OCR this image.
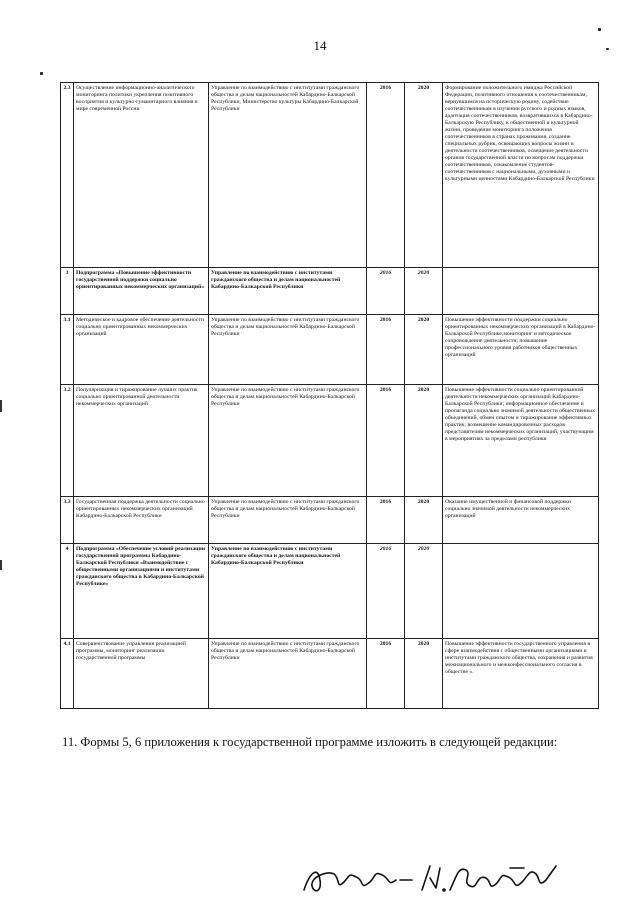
14
2.3	Осуществление информационно-аналитического мониторинга политики укрепления позитивного восприятия и культурно-гуманитарного влияния в мире современной России	Управление по взаимодействию с институтами гражданского общества и делам национальностей Кабардино-Балкарской Республики, Министерство культуры Кабардино-Балкарской Республики	2016	2020	Формирование положительного имиджа Российской Федерации, позитивного отношения к соотечественникам, вернувшимся на историческую родину, содействие соотечественникам в изучении русского и родных языков, адаптация соотечественников, возвратившихся в Кабардино-Балкарскую Республику, к общественной и культурной жизни, проведение мониторинга положения соотечественников в странах проживания, создание специальных рубрик, освещающих вопросы жизни и деятельности соотечественников, освещение деятельности органов государственной власти по вопросам поддержки соотечественников, ознакомление студентов-соотечественников с национальными, духовными и культурными ценностями Кабардино-Балкарской Республики
3	Подпрограмма «Повышение эффективности государственной поддержки социально ориентированных некоммерческих организаций»	Управление по взаимодействию с институтами гражданского общества и делам национальностей Кабардино-Балкарской Республики	2016	2020	
3.1	Методическое и кадровое обеспечение деятельности социально ориентированных некоммерческих организаций	Управление по взаимодействию с институтами гражданского общества и делам национальностей Кабардино-Балкарской Республики	2016	2020	Повышение эффективности поддержки социально ориентированных некоммерческих организаций в Кабардино-Балкарской Республике,мониторинг и методическое сопровождение деятельности; повышение профессионального уровня работников общественных организаций
3.2	Популяризация и тиражирование лучших практик социально ориентированной деятельности некоммерческих организаций	Управление по взаимодействию с институтами гражданского общества и делам национальностей Кабардино-Балкарской Республики	2016	2020	Повышение эффективности социально ориентированной деятельности некоммерческих организаций Кабардино-Балкарской Республики; информационное обеспечение и пропаганда социально значимой деятельности общественных объединений, обмен опытом и тиражирование эффективных практик; возмещение командировочных расходов представителям некоммерческих организаций, участвующим в мероприятиях за пределами республики
3.3	Государственная поддержка деятельности социально ориентированных некоммерческих организаций Кабардино-Балкарской Республики	Управление по взаимодействию с институтами гражданского общества и делам национальностей Кабардино-Балкарской Республики	2016	2020	Оказание имущественной и финансовой поддержки социально значимой деятельности некоммерческих организаций
4	Подпрограмма «Обеспечение условий реализации государственной программы Кабардино-Балкарской Республики «Взаимодействие с общественными организациями и институтами гражданского общества в Кабардино-Балкарской Республике»	Управление по взаимодействию с институтами гражданского общества и делам национальностей Кабардино-Балкарской Республики	2016	2020	
4.1	Совершенствование управления реализацией программы, мониторинг реализации государственной программы	Управление по взаимодействию с институтами гражданского общества и делам национальностей Кабардино-Балкарской Республики	2016	2020	Повышение эффективности государственного управления в сфере взаимодействия с общественными организациями и институтами гражданского общества, сохранения и развития межнационального и межконфессионального согласия в обществе ».
11. Формы 5, 6 приложения к государственной программе изложить в следующей редакции:
